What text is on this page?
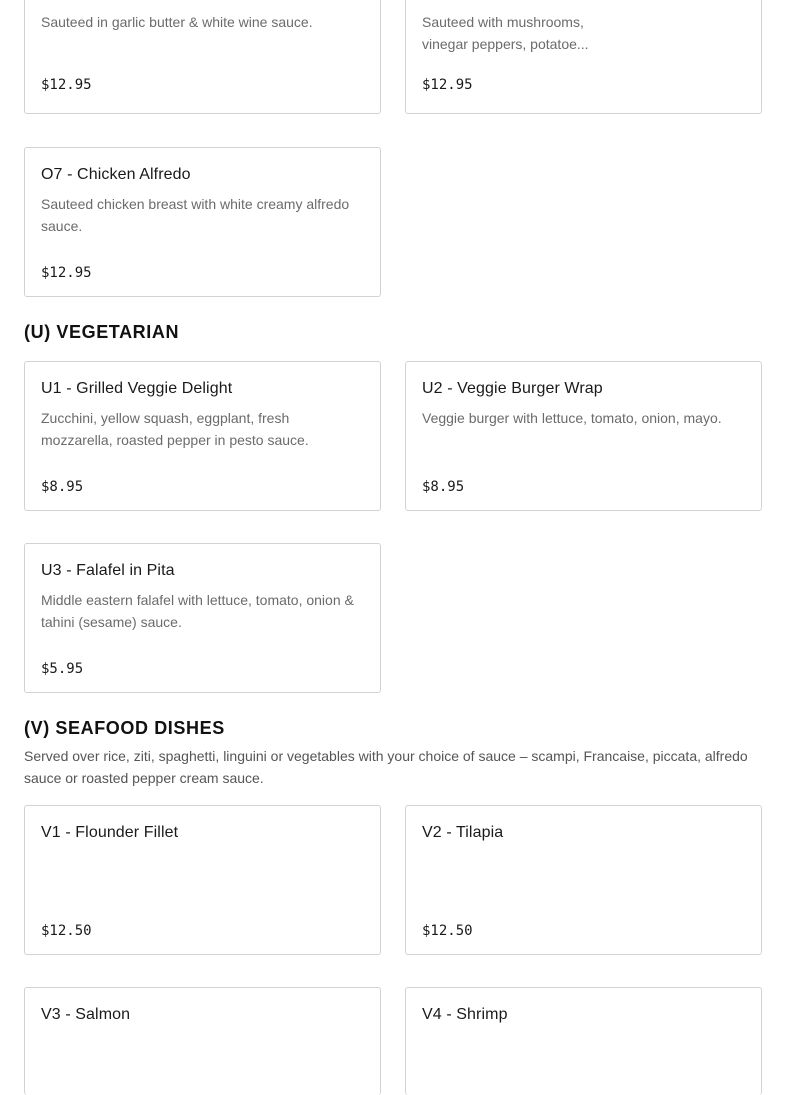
Sauteed in garlic butter & white wine sauce.
$12.95
Sauteed with mushrooms,
vinegar peppers, potatoe...
$12.95
O7 - Chicken Alfredo
Sauteed chicken breast with white creamy alfredo sauce.
$12.95
(U) VEGETARIAN
U1 - Grilled Veggie Delight
Zucchini, yellow squash, eggplant, fresh mozzarella, roasted pepper in pesto sauce.
$8.95
U2 - Veggie Burger Wrap
Veggie burger with lettuce, tomato, onion, mayo.
$8.95
U3 - Falafel in Pita
Middle eastern falafel with lettuce, tomato, onion & tahini (sesame) sauce.
$5.95
(V) SEAFOOD DISHES
Served over rice, ziti, spaghetti, linguini or vegetables with your choice of sauce – scampi, Francaise, piccata, alfredo sauce or roasted pepper cream sauce.
V1 - Flounder Fillet
$12.50
V2 - Tilapia
$12.50
V3 - Salmon	V4 - Shrimp
